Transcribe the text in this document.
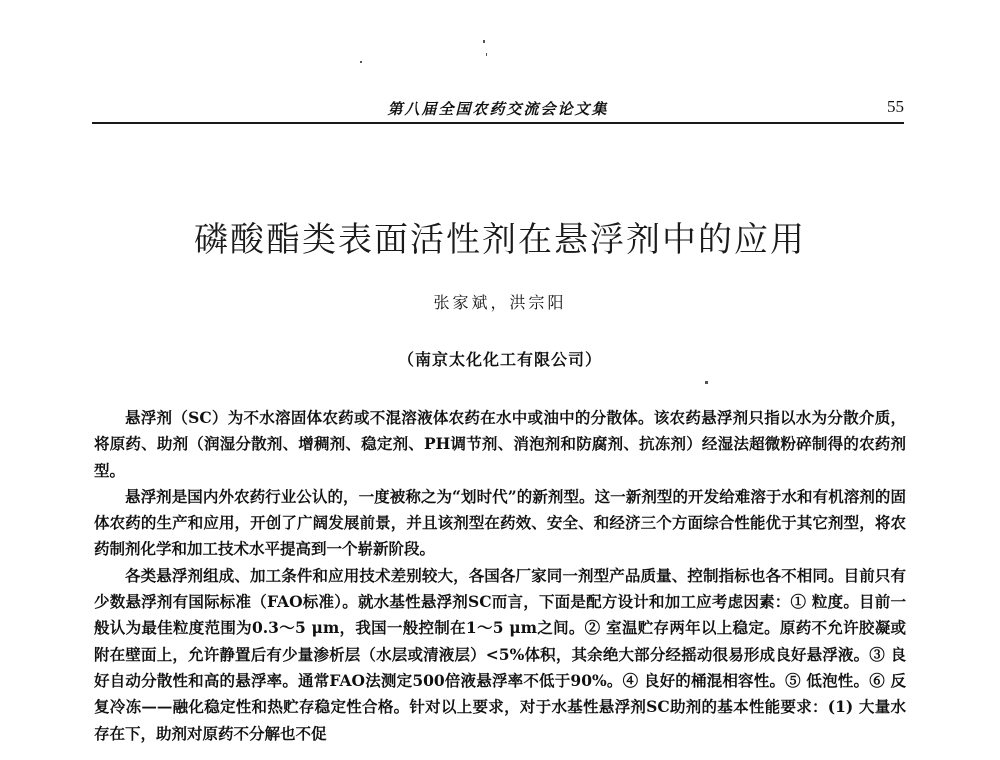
第八届全国农药交流会论文集	55
磷酸酯类表面活性剂在悬浮剂中的应用
张家斌，洪宗阳
（南京太化化工有限公司）

悬浮剂（SC）为不水溶固体农药或不混溶液体农药在水中或油中的分散体。该农药悬浮剂只指以水为分散介质，将原药、助剂（润湿分散剂、增稠剂、稳定剂、PH调节剂、消泡剂和防腐剂、抗冻剂）经湿法超微粉碎制得的农药剂型。

悬浮剂是国内外农药行业公认的，一度被称之为“划时代”的新剂型。这一新剂型的开发给难溶于水和有机溶剂的固体农药的生产和应用，开创了广阔发展前景，并且该剂型在药效、安全、和经济三个方面综合性能优于其它剂型，将农药制剂化学和加工技术水平提高到一个崭新阶段。

各类悬浮剂组成、加工条件和应用技术差别较大，各国各厂家同一剂型产品质量、控制指标也各不相同。目前只有少数悬浮剂有国际标准（FAO标准）。就水基性悬浮剂SC而言，下面是配方设计和加工应考虑因素：① 粒度。目前一般认为最佳粒度范围为0.3～5 μm，我国一般控制在1～5 μm之间。② 室温贮存两年以上稳定。原药不允许胶凝或附在壁面上，允许静置后有少量渗析层（水层或清液层）<5%体积，其余绝大部分经摇动很易形成良好悬浮液。③ 良好自动分散性和高的悬浮率。通常FAO法测定500倍液悬浮率不低于90%。④ 良好的桶混相容性。⑤ 低泡性。⑥ 反复冷冻——融化稳定性和热贮存稳定性合格。针对以上要求，对于水基性悬浮剂SC助剂的基本性能要求：(1) 大量水存在下，助剂对原药不分解也不促
